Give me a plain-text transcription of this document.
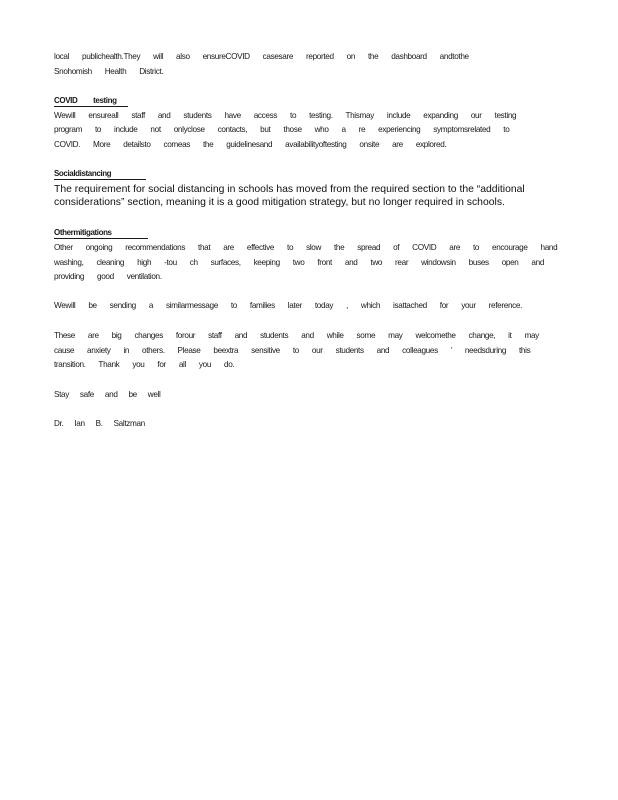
local publichealth.They will also ensureCOVID casesare reported on the dashboard andtothe
Snohomish Health District.
COVID testing
Wewill ensureall staff and students have access to testing. Thismay include expanding our testing
program to include not onlyclose contacts, but those who a re experiencing symptomsrelated to
COVID. More detailsto comeas the guidelinesand availabilityoftesting onsite are explored.
Socialdistancing
The requirement for social distancing in schools has moved from the required section to the “additional considerations” section, meaning it is a good mitigation strategy, but no longer required in schools.
Othermitigations
Other ongoing recommendations that are effective to slow the spread of COVID are to encourage hand
washing, cleaning high -tou ch surfaces, keeping two front and two rear windowsin buses open and
providing good ventilation.
Wewill be sending a similarmessage to families later today , which isattached for your reference.
These are big changes forour staff and students and while some may welcomethe change, it may
cause anxiety in others. Please beextra sensitive to our students and colleagues ’ needsduring this
transition. Thank you for all you do.
Stay safe and be well
Dr. Ian B. Saltzman
